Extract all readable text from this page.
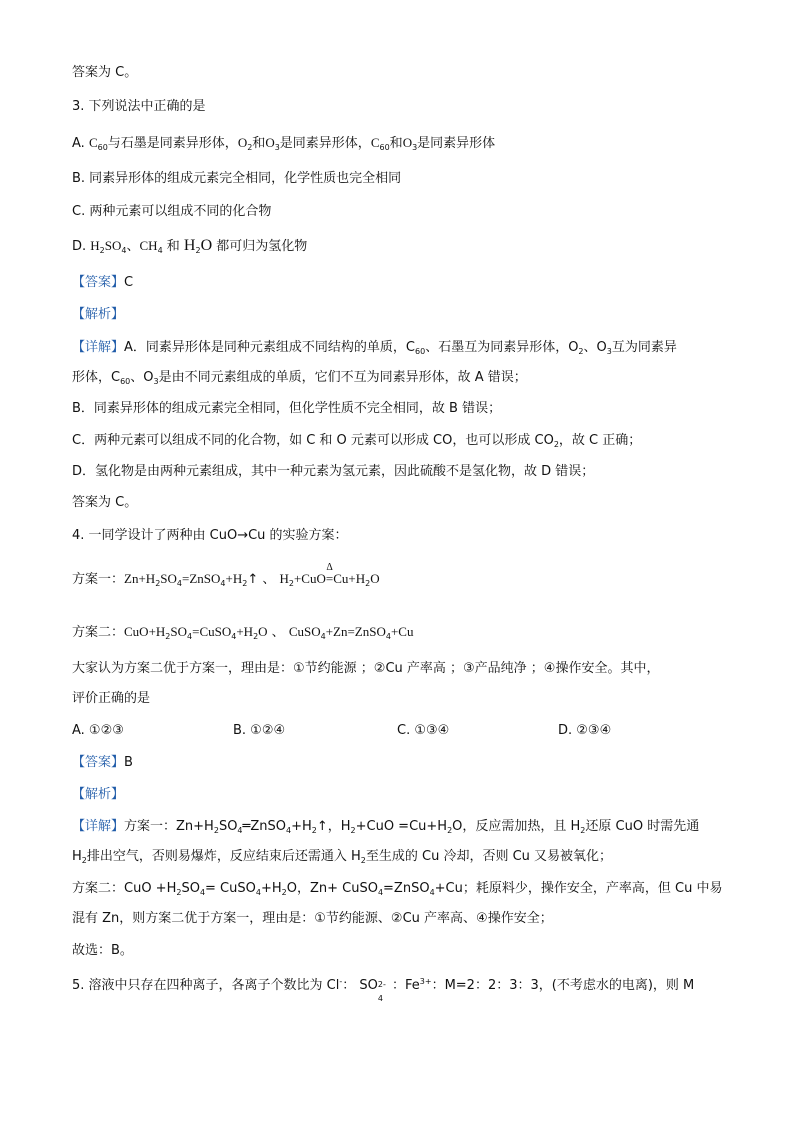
答案为 C。
3. 下列说法中正确的是
A. $C_{60}$与石墨是同素异形体，$O_2$和$O_3$是同素异形体，$C_{60}$和$O_3$是同素异形体
B. 同素异形体的组成元素完全相同，化学性质也完全相同
C. 两种元素可以组成不同的化合物
D. $H_2SO_4$、$CH_4$ 和 $H_2O$ 都可归为氢化物
【答案】C
【解析】
【详解】A．同素异形体是同种元素组成不同结构的单质，$C_{60}$、石墨互为同素异形体，$O_2$、$O_3$互为同素异
形体，$C_{60}$、$O_3$是由不同元素组成的单质，它们不互为同素异形体，故 A 错误；
B．同素异形体的组成元素完全相同，但化学性质不完全相同，故 B 错误；
C．两种元素可以组成不同的化合物，如 C 和 O 元素可以形成 CO，也可以形成 $CO_2$，故 C 正确；
D．氢化物是由两种元素组成，其中一种元素为氢元素，因此硫酸不是氢化物，故 D 错误；
答案为 C。
4. 一同学设计了两种由 CuO→Cu 的实验方案：
方案一：$Zn+H_2SO_4=ZnSO_4+H_2↑$ 、 $H_2+CuO$
Δ
$=Cu+H_2O$
方案二：$CuO+H_2SO_4=CuSO_4+H_2O$ 、 CuSO$_4$+Zn=ZnSO$_4$+Cu
大家认为方案二优于方案一，理由是：①节约能源 ；②Cu 产率高 ；③产品纯净 ；④操作安全。其中，
评价正确的是
A. ①②③	B. ①②④	C. ①③④	D. ②③④
【答案】B
【解析】
【详解】方案一：$Zn+H_2SO_4═ZnSO_4+H_2↑$，$H_2+CuO =Cu+H_2O$，反应需加热，且 $H_2$还原 CuO 时需先通
$H_2$排出空气，否则易爆炸，反应结束后还需通入 $H_2$至生成的 Cu 冷却，否则 Cu 又易被氧化；
方案二：CuO $+H_2SO_4=$ $CuSO_4+H_2O$，Zn+ CuSO$_4$=ZnSO$_4$+Cu；耗原料少，操作安全，产率高，但 Cu 中易
混有 Zn，则方案二优于方案一，理由是：①节约能源、②Cu 产率高、④操作安全；
故选：B。
5. 溶液中只存在四种离子，各离子个数比为 Cl-： SO 2-
4
：$Fe^{3+}$：M=2：2：3：3，(不考虑水的电离)，则 M
